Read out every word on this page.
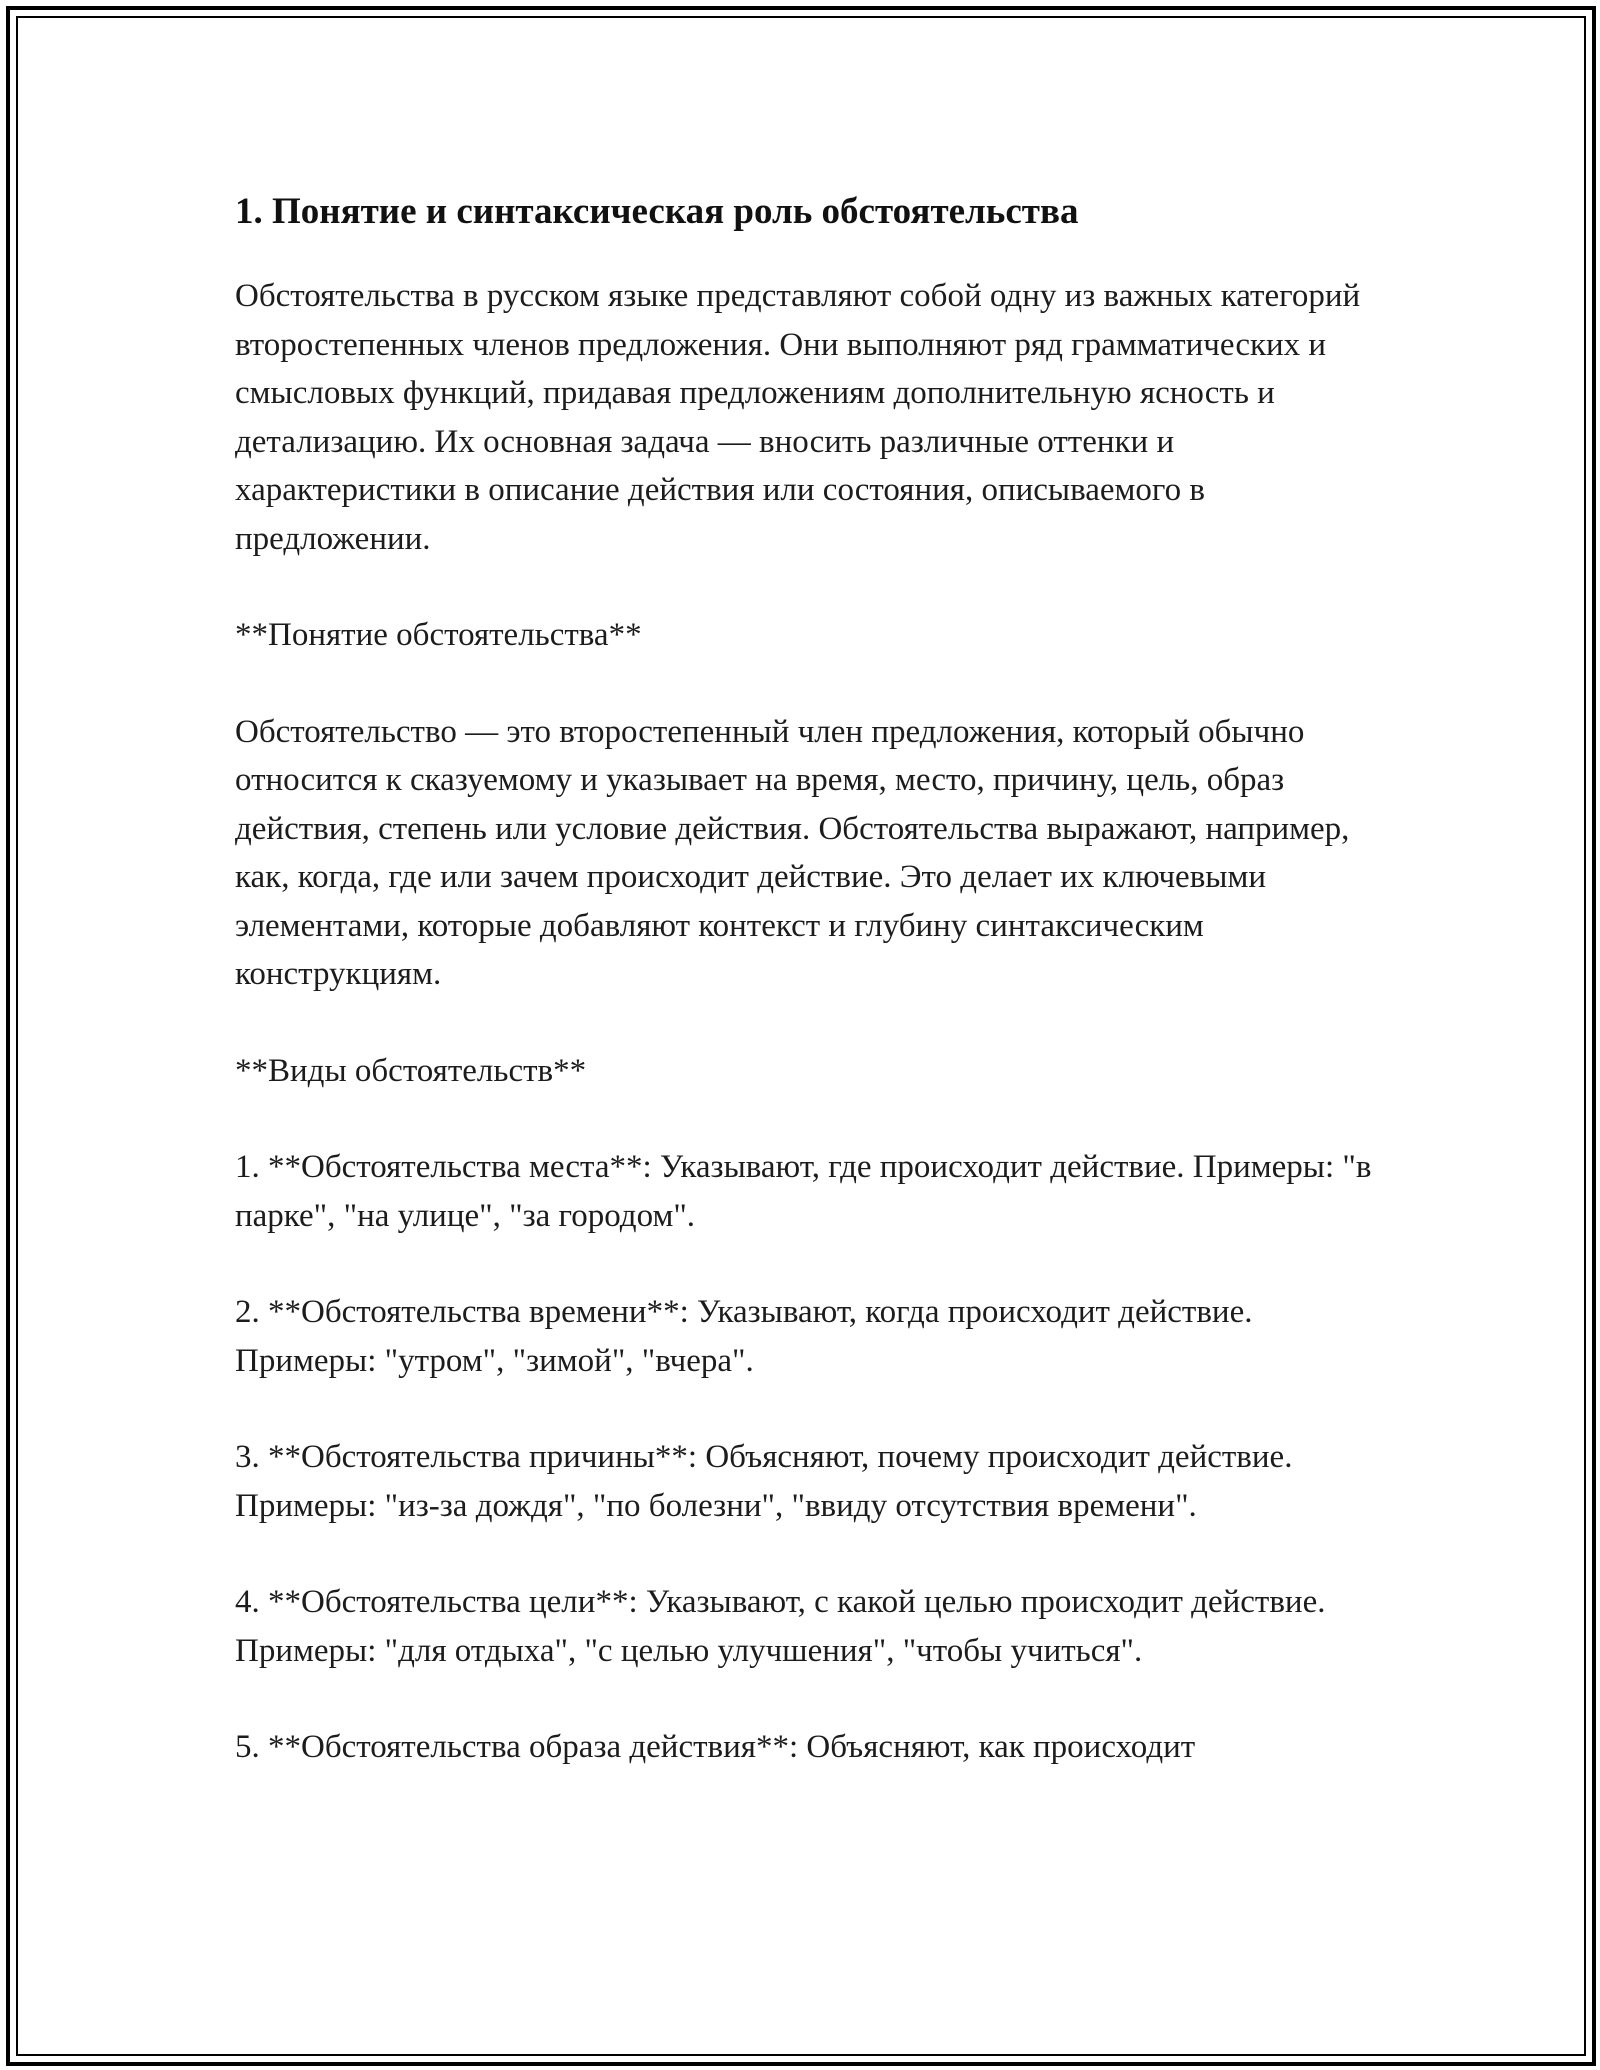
1. Понятие и синтаксическая роль обстоятельства

Обстоятельства в русском языке представляют собой одну из важных категорий второстепенных членов предложения. Они выполняют ряд грамматических и смысловых функций, придавая предложениям дополнительную ясность и детализацию. Их основная задача — вносить различные оттенки и характеристики в описание действия или состояния, описываемого в предложении.

**Понятие обстоятельства**

Обстоятельство — это второстепенный член предложения, который обычно относится к сказуемому и указывает на время, место, причину, цель, образ действия, степень или условие действия. Обстоятельства выражают, например, как, когда, где или зачем происходит действие. Это делает их ключевыми элементами, которые добавляют контекст и глубину синтаксическим конструкциям.

**Виды обстоятельств**

1. **Обстоятельства места**: Указывают, где происходит действие. Примеры: "в парке", "на улице", "за городом".

2. **Обстоятельства времени**: Указывают, когда происходит действие. Примеры: "утром", "зимой", "вчера".

3. **Обстоятельства причины**: Объясняют, почему происходит действие. Примеры: "из-за дождя", "по болезни", "ввиду отсутствия времени".

4. **Обстоятельства цели**: Указывают, с какой целью происходит действие. Примеры: "для отдыха", "с целью улучшения", "чтобы учиться".

5. **Обстоятельства образа действия**: Объясняют, как происходит
